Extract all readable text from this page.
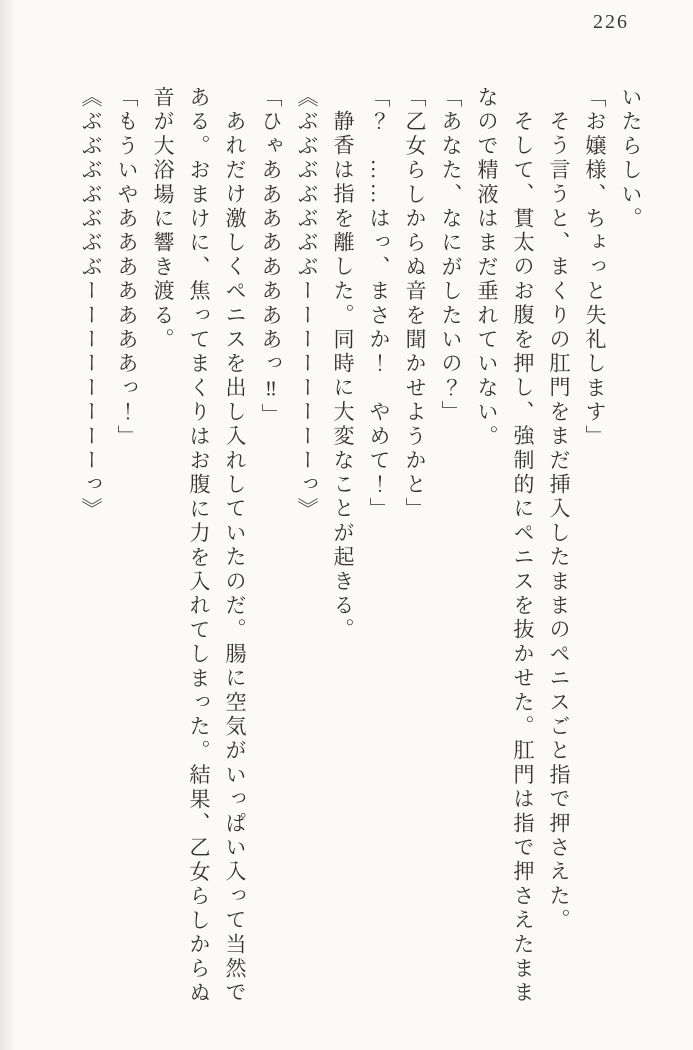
226
いたらしい。
「お嬢様、ちょっと失礼します」
そう言うと、まくりの肛門をまだ挿入したままのペニスごと指で押さえた。
そして、貫太のお腹を押し、強制的にペニスを抜かせた。肛門は指で押さえたまま
なので精液はまだ垂れていない。
「あなた、なにがしたいの？」
「乙女らしからぬ音を聞かせようかと」
「？　……はっ、まさか！　やめて！」
静香は指を離した。同時に大変なことが起きる。
《ぶぶぶぶぶぶぶーーーーーーーーっ》
「ひゃああああああああっ‼」
あれだけ激しくペニスを出し入れしていたのだ。腸に空気がいっぱい入って当然で
ある。おまけに、焦ってまくりはお腹に力を入れてしまった。結果、乙女らしからぬ
音が大浴場に響き渡る。
「もういやあああああああっ！」
《ぶぶぶぶぶぶぶーーーーーーーーっ》
